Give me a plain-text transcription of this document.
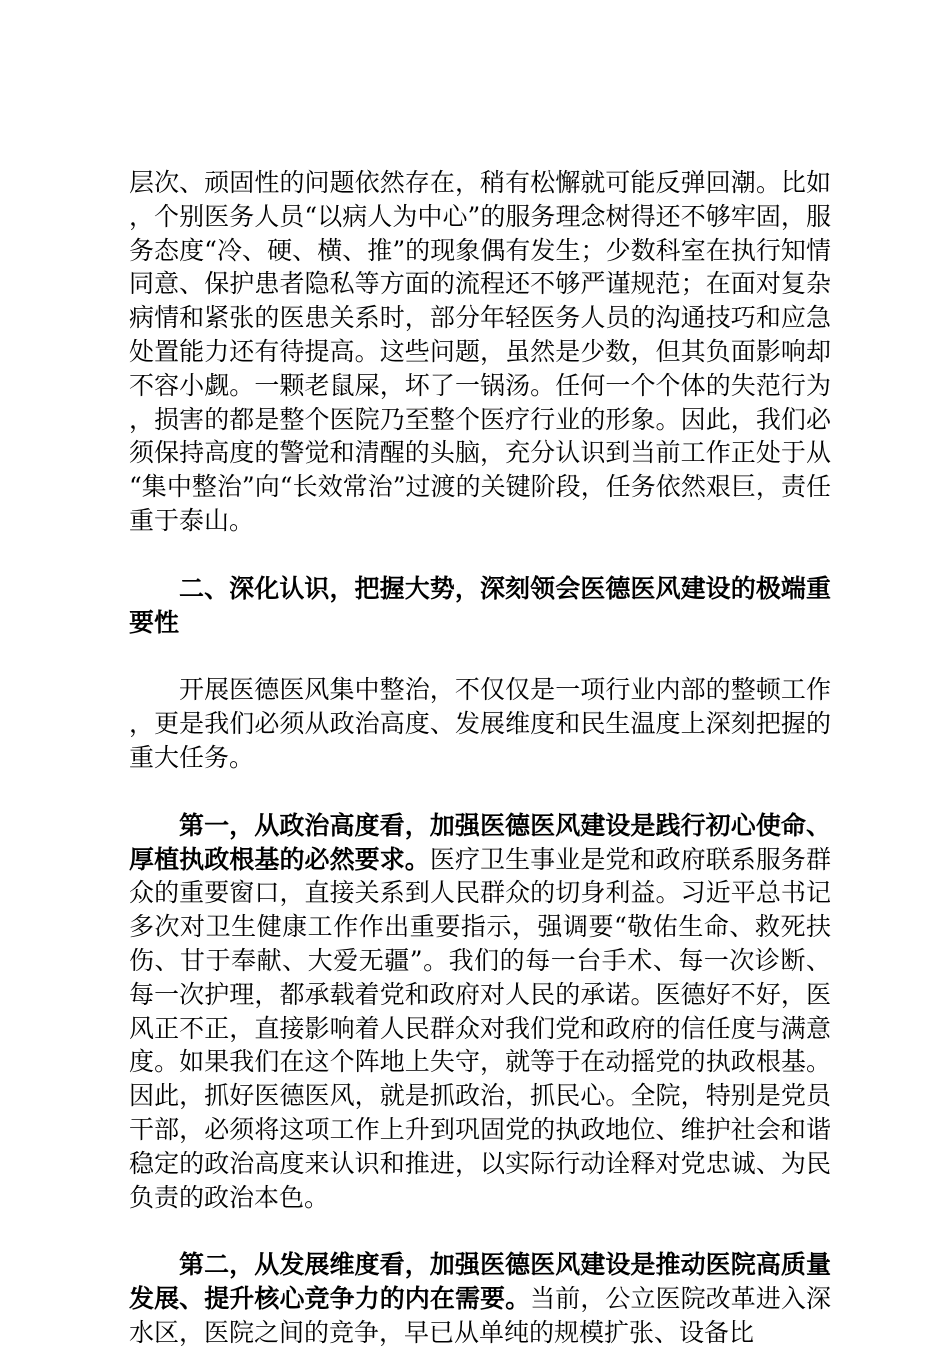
层次、顽固性的问题依然存在，稍有松懈就可能反弹回潮。比如，个别医务人员“以病人为中心”的服务理念树得还不够牢固，服务态度“冷、硬、横、推”的现象偶有发生；少数科室在执行知情同意、保护患者隐私等方面的流程还不够严谨规范；在面对复杂病情和紧张的医患关系时，部分年轻医务人员的沟通技巧和应急处置能力还有待提高。这些问题，虽然是少数，但其负面影响却不容小觑。一颗老鼠屎，坏了一锅汤。任何一个个体的失范行为，损害的都是整个医院乃至整个医疗行业的形象。因此，我们必须保持高度的警觉和清醒的头脑，充分认识到当前工作正处于从“集中整治”向“长效常治”过渡的关键阶段，任务依然艰巨，责任重于泰山。

二、深化认识，把握大势，深刻领会医德医风建设的极端重要性

开展医德医风集中整治，不仅仅是一项行业内部的整顿工作，更是我们必须从政治高度、发展维度和民生温度上深刻把握的重大任务。

第一，从政治高度看，加强医德医风建设是践行初心使命、厚植执政根基的必然要求。医疗卫生事业是党和政府联系服务群众的重要窗口，直接关系到人民群众的切身利益。习近平总书记多次对卫生健康工作作出重要指示，强调要“敬佑生命、救死扶伤、甘于奉献、大爱无疆”。我们的每一台手术、每一次诊断、每一次护理，都承载着党和政府对人民的承诺。医德好不好，医风正不正，直接影响着人民群众对我们党和政府的信任度与满意度。如果我们在这个阵地上失守，就等于在动摇党的执政根基。因此，抓好医德医风，就是抓政治，抓民心。全院，特别是党员干部，必须将这项工作上升到巩固党的执政地位、维护社会和谐稳定的政治高度来认识和推进，以实际行动诠释对党忠诚、为民负责的政治本色。

第二，从发展维度看，加强医德医风建设是推动医院高质量发展、提升核心竞争力的内在需要。当前，公立医院改革进入深水区，医院之间的竞争，早已从单纯的规模扩张、设备比
